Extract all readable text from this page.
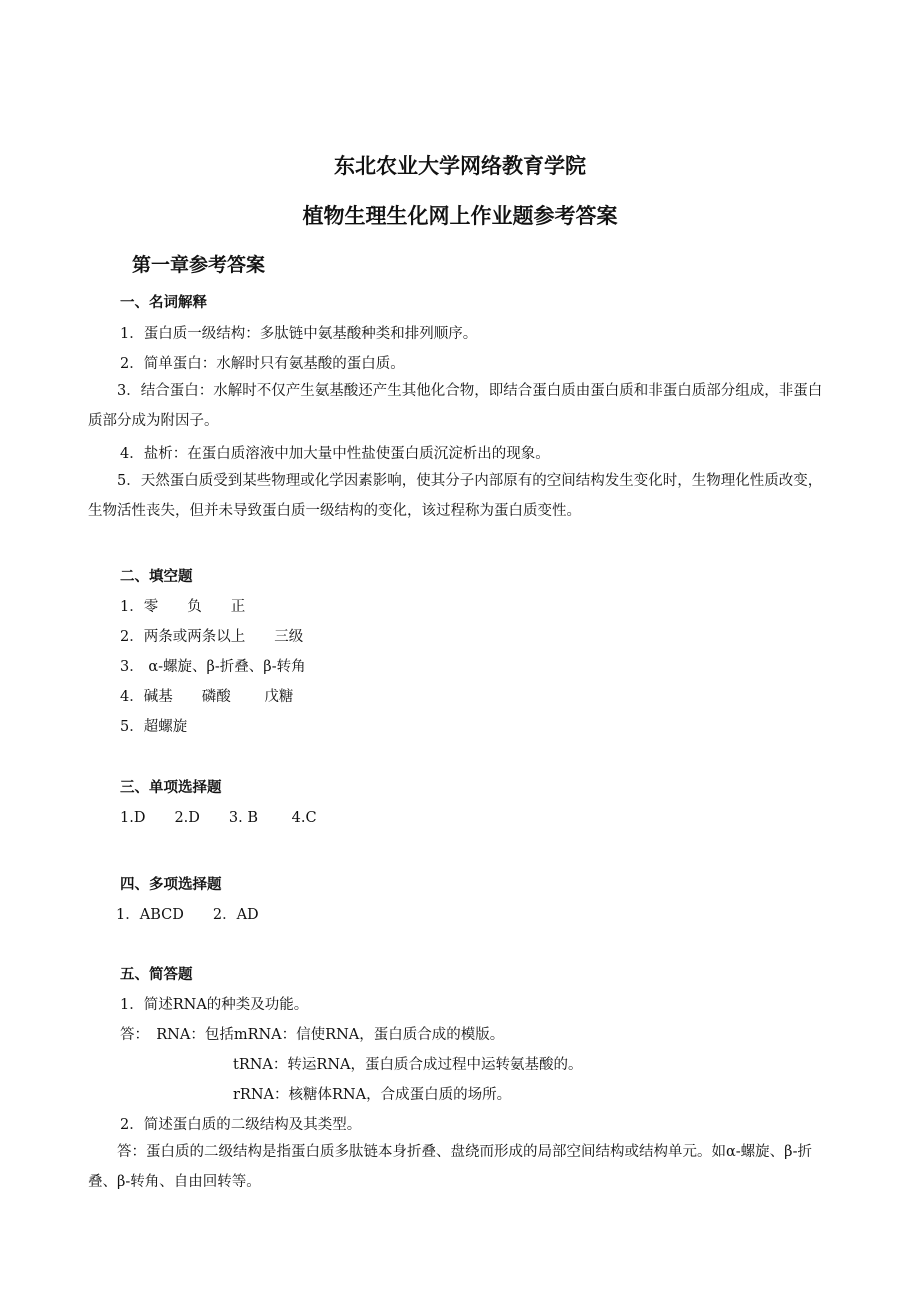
东北农业大学网络教育学院
植物生理生化网上作业题参考答案
第一章参考答案
一、名词解释
1．蛋白质一级结构：多肽链中氨基酸种类和排列顺序。
2．简单蛋白：水解时只有氨基酸的蛋白质。
3．结合蛋白：水解时不仅产生氨基酸还产生其他化合物，即结合蛋白质由蛋白质和非蛋白质部分组成，非蛋白质部分成为附因子。
4．盐析：在蛋白质溶液中加大量中性盐使蛋白质沉淀析出的现象。
5．天然蛋白质受到某些物理或化学因素影响，使其分子内部原有的空间结构发生变化时，生物理化性质改变，生物活性丧失，但并未导致蛋白质一级结构的变化，该过程称为蛋白质变性。
二、填空题
1．零　　负　　正
2．两条或两条以上　　三级
3． α-螺旋、β-折叠、β-转角
4．碱基　　磷酸　　 戊糖
5．超螺旋
三、单项选择题
1.D　　2.D　　3. B　　 4.C
四、多项选择题
1．ABCD　　2．AD
五、简答题
1．简述RNA的种类及功能。
答：　RNA：包括mRNA：信使RNA，蛋白质合成的模版。
tRNA：转运RNA，蛋白质合成过程中运转氨基酸的。
rRNA：核糖体RNA，合成蛋白质的场所。
2．简述蛋白质的二级结构及其类型。
答：蛋白质的二级结构是指蛋白质多肽链本身折叠、盘绕而形成的局部空间结构或结构单元。如α-螺旋、β-折叠、β-转角、自由回转等。
